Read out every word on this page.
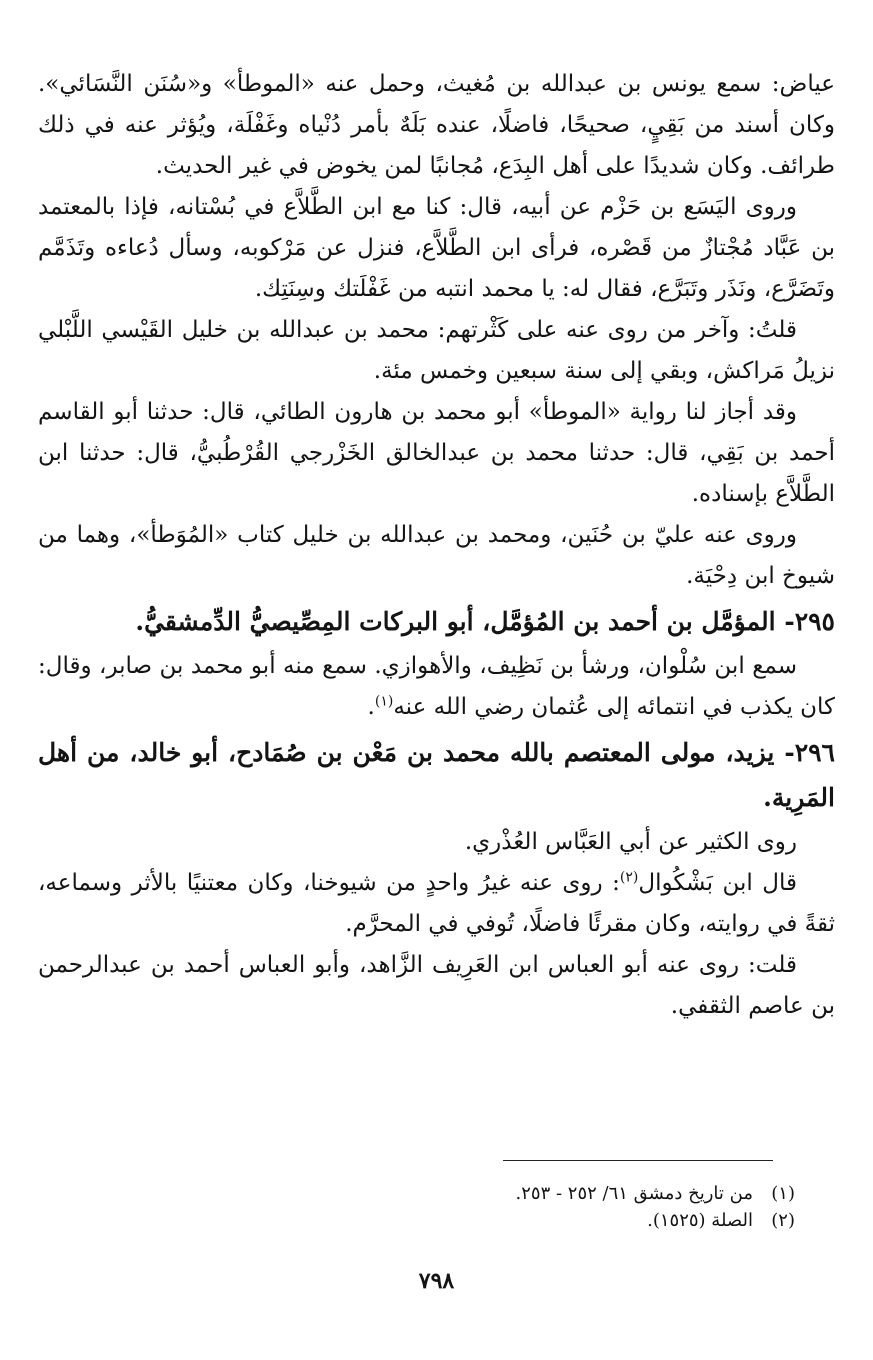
عياض: سمع يونس بن عبدالله بن مُغيث، وحمل عنه «الموطأ» و«سُنَن النَّسَائي». وكان أسند من بَقِيٍ، صحيحًا، فاضلًا، عنده بَلَهٌ بأمر دُنْياه وغَفْلَة، ويُؤثر عنه في ذلك طرائف. وكان شديدًا على أهل البِدَع، مُجانبًا لمن يخوض في غير الحديث.

وروى اليَسَع بن حَزْم عن أبيه، قال: كنا مع ابن الطَّلاَّع في بُسْتانه، فإذا بالمعتمد بن عَبَّاد مُجْتازٌ من قَصْره، فرأى ابن الطَّلاَّع، فنزل عن مَرْكوبه، وسأل دُعاءه وتَذَمَّم وتَضَرَّع، ونَذَر وتَبَرَّع، فقال له: يا محمد انتبه من غَفْلَتك وسِنَتِك.

قلتُ: وآخر من روى عنه على كَثْرتهم: محمد بن عبدالله بن خليل القَيْسي اللَّبْلي نزيلُ مَراكش، وبقي إلى سنة سبعين وخمس مئة.

وقد أجاز لنا رواية «الموطأ» أبو محمد بن هارون الطائي، قال: حدثنا أبو القاسم أحمد بن بَقِي، قال: حدثنا محمد بن عبدالخالق الخَزْرجي القُرْطُبيُّ، قال: حدثنا ابن الطَّلاَّع بإسناده.

وروى عنه عليّ بن حُنَين، ومحمد بن عبدالله بن خليل كتاب «المُوَطأ»، وهما من شيوخ ابن دِحْيَة.

٢٩٥- المؤمَّل بن أحمد بن المُؤمَّل، أبو البركات المِصِّيصيُّ الدِّمشقيُّ.

سمع ابن سُلْوان، ورشأ بن نَظِيف، والأهوازي. سمع منه أبو محمد بن صابر، وقال: كان يكذب في انتمائه إلى عُثمان رضي الله عنه$^{(١)}$.

٢٩٦- يزيد، مولى المعتصم بالله محمد بن مَعْن بن صُمَادح، أبو خالد، من أهل المَرِية.

روى الكثير عن أبي العَبَّاس العُذْري.

قال ابن بَشْكُوال$^{(٢)}$: روى عنه غيرُ واحدٍ من شيوخنا، وكان معتنيًا بالأثر وسماعه، ثقةً في روايته، وكان مقرئًا فاضلًا، تُوفي في المحرَّم.

قلت: روى عنه أبو العباس ابن العَرِيف الزَّاهد، وأبو العباس أحمد بن عبدالرحمن بن عاصم الثقفي.

(١)من تاريخ دمشق ٦١/ ٢٥٢ - ٢٥٣.

(٢)الصلة (١٥٢٥).

٧٩٨
